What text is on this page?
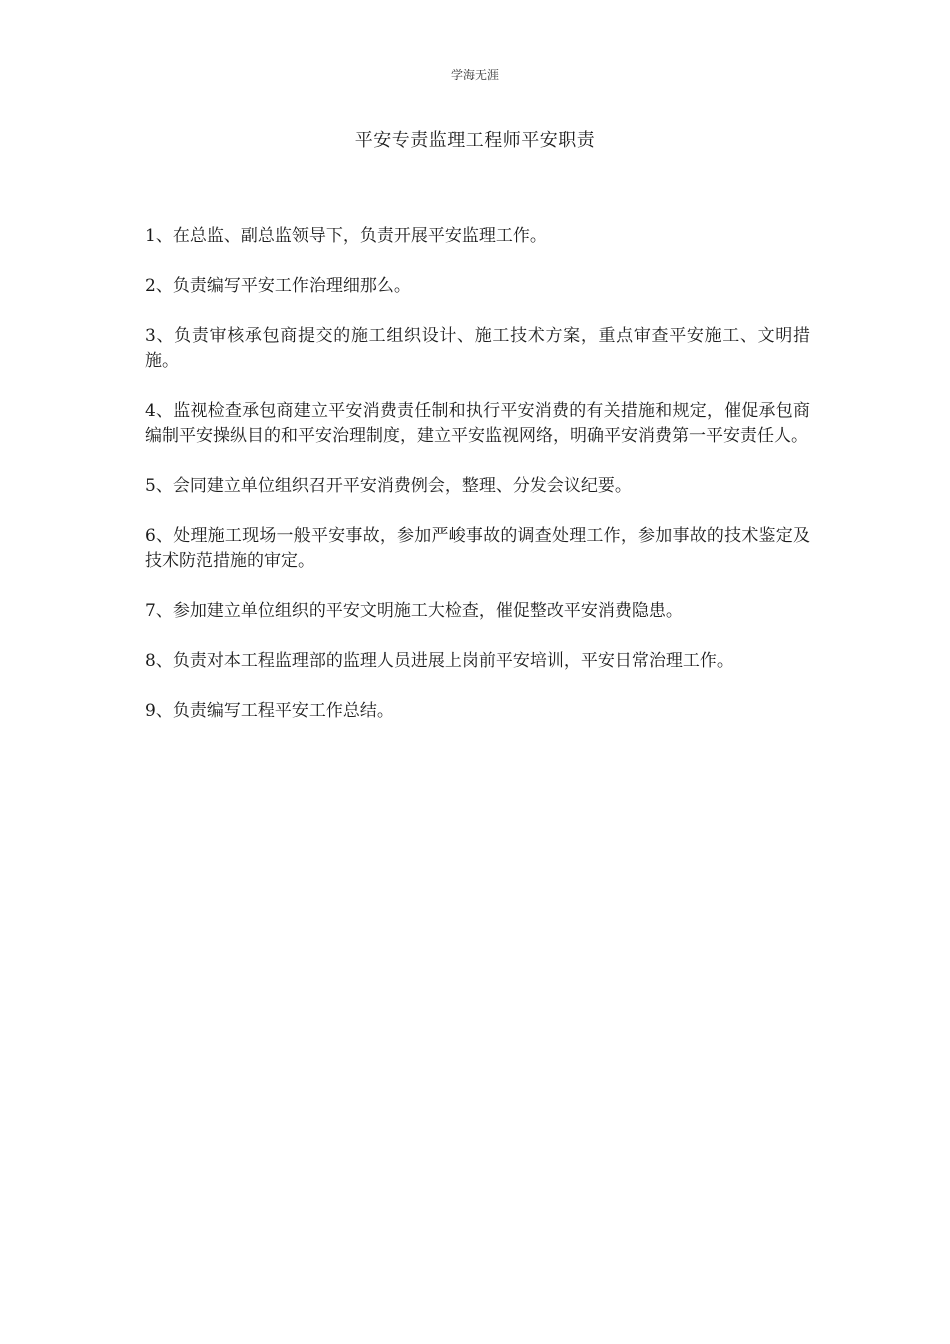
学海无涯
平安专责监理工程师平安职责
1、在总监、副总监领导下，负责开展平安监理工作。
2、负责编写平安工作治理细那么。
3、负责审核承包商提交的施工组织设计、施工技术方案，重点审查平安施工、文明措施。
4、监视检查承包商建立平安消费责任制和执行平安消费的有关措施和规定，催促承包商编制平安操纵目的和平安治理制度，建立平安监视网络，明确平安消费第一平安责任人。
5、会同建立单位组织召开平安消费例会，整理、分发会议纪要。
6、处理施工现场一般平安事故，参加严峻事故的调查处理工作，参加事故的技术鉴定及技术防范措施的审定。
7、参加建立单位组织的平安文明施工大检查，催促整改平安消费隐患。
8、负责对本工程监理部的监理人员进展上岗前平安培训，平安日常治理工作。
9、负责编写工程平安工作总结。
